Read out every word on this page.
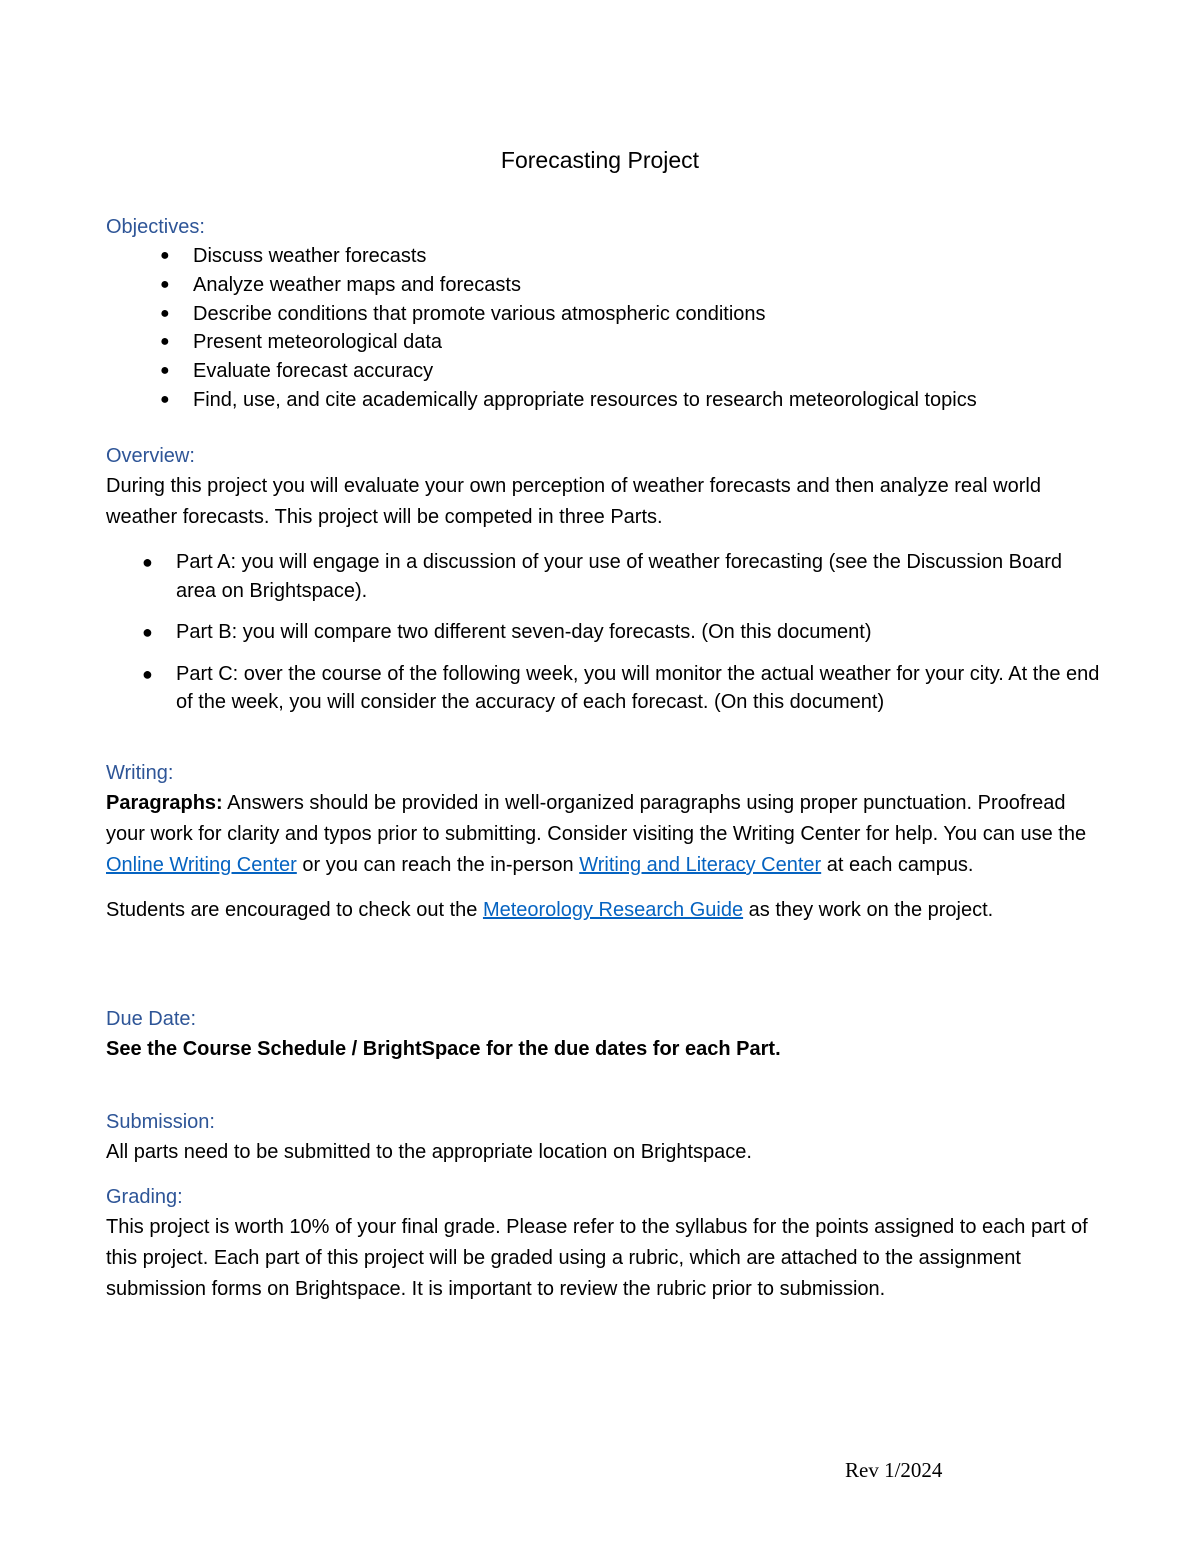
Forecasting Project
Objectives:
● Discuss weather forecasts
● Analyze weather maps and forecasts
● Describe conditions that promote various atmospheric conditions
● Present meteorological data
● Evaluate forecast accuracy
● Find, use, and cite academically appropriate resources to research meteorological topics
Overview:

During this project you will evaluate your own perception of weather forecasts and then analyze real world weather forecasts. This project will be competed in three Parts.

● Part A: you will engage in a discussion of your use of weather forecasting (see the Discussion Board area on Brightspace).
● Part B: you will compare two different seven-day forecasts. (On this document)
● Part C: over the course of the following week, you will monitor the actual weather for your city. At the end of the week, you will consider the accuracy of each forecast. (On this document)
Writing:

Paragraphs: Answers should be provided in well-organized paragraphs using proper punctuation. Proofread your work for clarity and typos prior to submitting. Consider visiting the Writing Center for help. You can use the Online Writing Center or you can reach the in-person Writing and Literacy Center at each campus.

Students are encouraged to check out the Meteorology Research Guide as they work on the project.

Due Date:

See the Course Schedule / BrightSpace for the due dates for each Part.

Submission:

All parts need to be submitted to the appropriate location on Brightspace.

Grading:

This project is worth 10% of your final grade. Please refer to the syllabus for the points assigned to each part of this project. Each part of this project will be graded using a rubric, which are attached to the assignment submission forms on Brightspace. It is important to review the rubric prior to submission.

Rev 1/2024
